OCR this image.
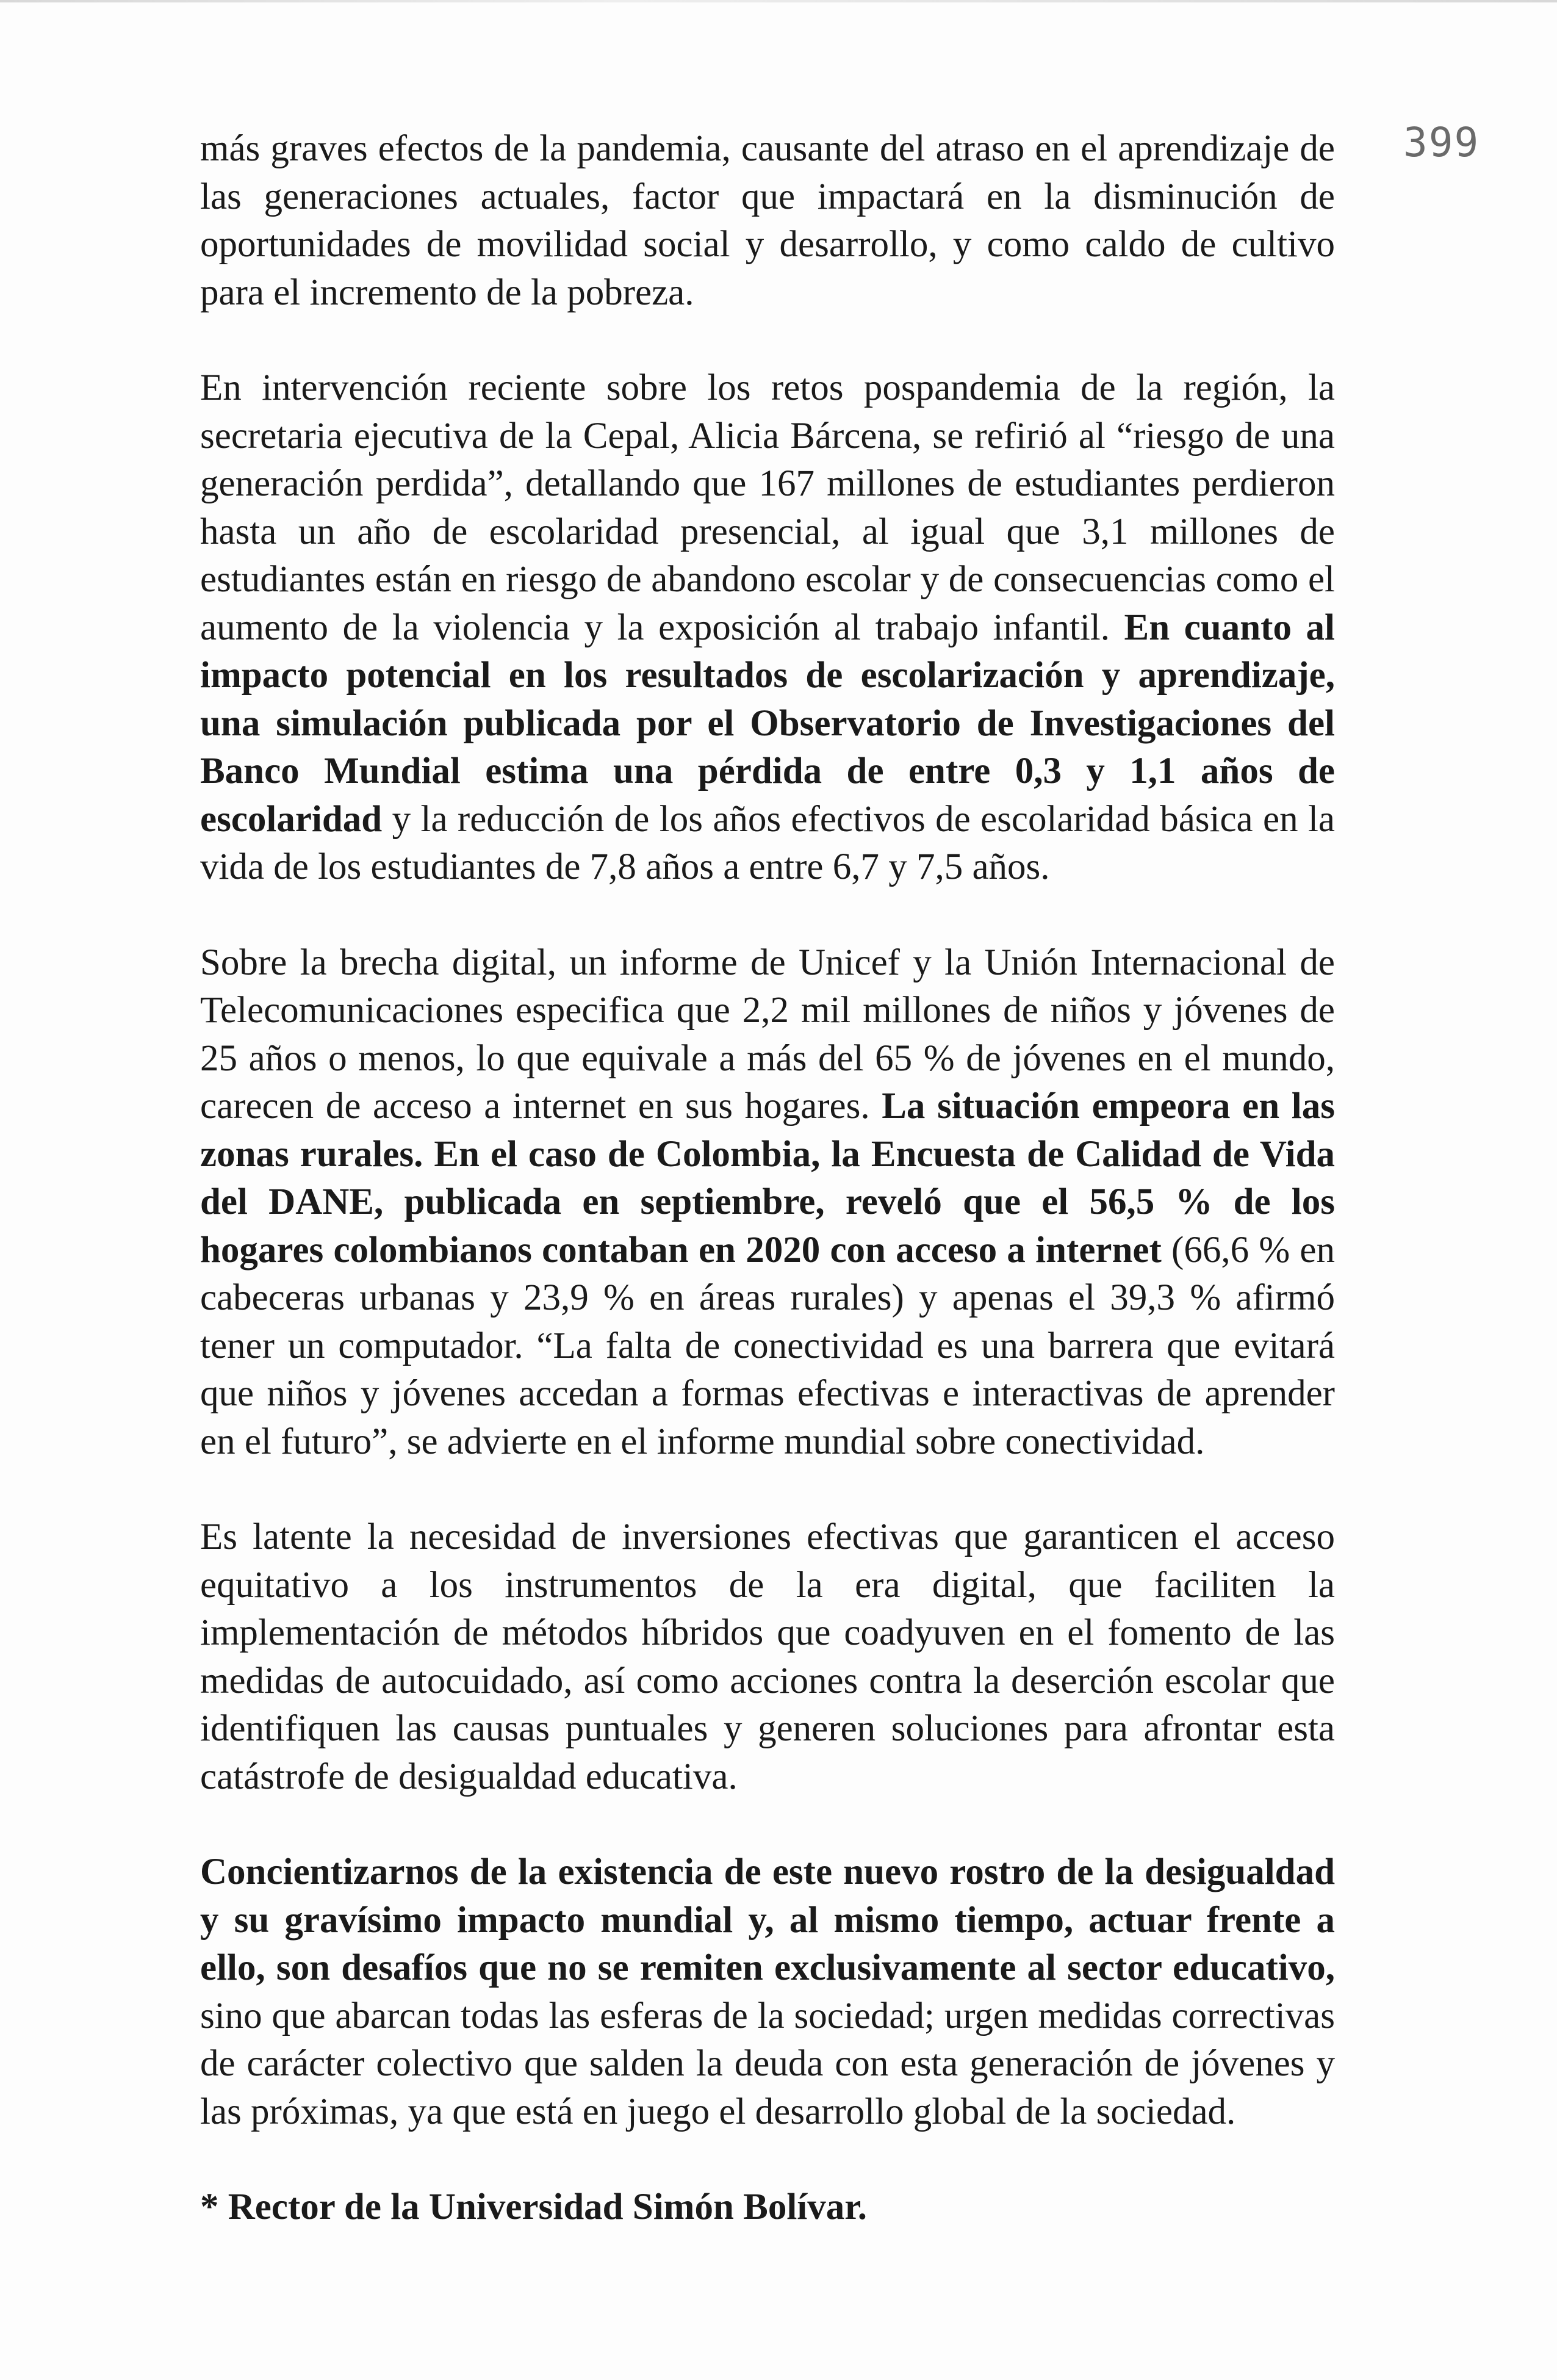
399

más graves efectos de la pandemia, causante del atraso en el aprendizaje de las generaciones actuales, factor que impactará en la disminución de oportunidades de movilidad social y desarrollo, y como caldo de cultivo para el incremento de la pobreza.

En intervención reciente sobre los retos pospandemia de la región, la secretaria ejecutiva de la Cepal, Alicia Bárcena, se refirió al “riesgo de una generación perdida”, detallando que 167 millones de estudiantes perdieron hasta un año de escolaridad presencial, al igual que 3,1 millones de estudiantes están en riesgo de abandono escolar y de consecuencias como el aumento de la violencia y la exposición al trabajo infantil. En cuanto al impacto potencial en los resultados de escolarización y aprendizaje, una simulación publicada por el Observatorio de Investigaciones del Banco Mundial estima una pérdida de entre 0,3 y 1,1 años de escolaridad y la reducción de los años efectivos de escolaridad básica en la vida de los estudiantes de 7,8 años a entre 6,7 y 7,5 años.

Sobre la brecha digital, un informe de Unicef y la Unión Internacional de Telecomunicaciones especifica que 2,2 mil millones de niños y jóvenes de 25 años o menos, lo que equivale a más del 65 % de jóvenes en el mundo, carecen de acceso a internet en sus hogares. La situación empeora en las zonas rurales. En el caso de Colombia, la Encuesta de Calidad de Vida del DANE, publicada en septiembre, reveló que el 56,5 % de los hogares colombianos contaban en 2020 con acceso a internet (66,6 % en cabeceras urbanas y 23,9 % en áreas rurales) y apenas el 39,3 % afirmó tener un computador. “La falta de conectividad es una barrera que evitará que niños y jóvenes accedan a formas efectivas e interactivas de aprender en el futuro”, se advierte en el informe mundial sobre conectividad.

Es latente la necesidad de inversiones efectivas que garanticen el acceso equitativo a los instrumentos de la era digital, que faciliten la implementación de métodos híbridos que coadyuven en el fomento de las medidas de autocuidado, así como acciones contra la deserción escolar que identifiquen las causas puntuales y generen soluciones para afrontar esta catástrofe de desigualdad educativa.

Concientizarnos de la existencia de este nuevo rostro de la desigualdad y su gravísimo impacto mundial y, al mismo tiempo, actuar frente a ello, son desafíos que no se remiten exclusivamente al sector educativo, sino que abarcan todas las esferas de la sociedad; urgen medidas correctivas de carácter colectivo que salden la deuda con esta generación de jóvenes y las próximas, ya que está en juego el desarrollo global de la sociedad.

* Rector de la Universidad Simón Bolívar.
